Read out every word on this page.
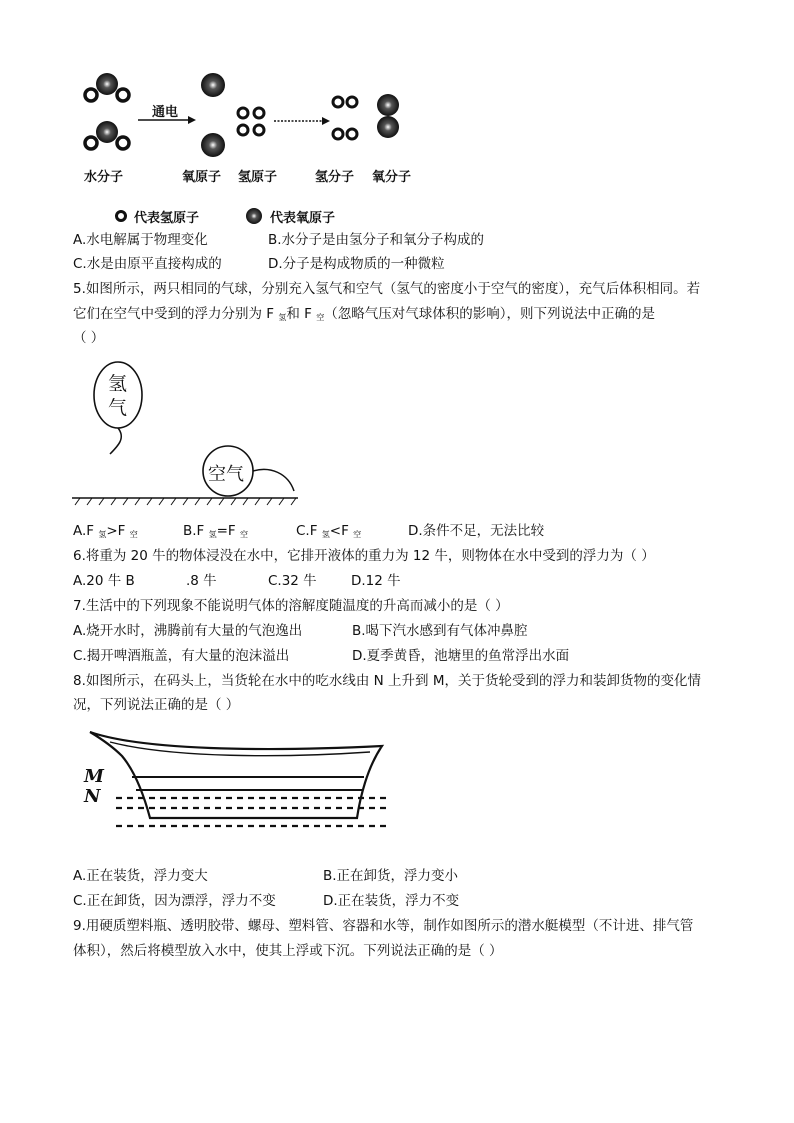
通电
水分子	氧原子 氢原子	氢分子 氧分子
代表氢原子	代表氧原子
A.水电解属于物理变化	B.水分子是由氢分子和氧分子构成的
C.水是由原平直接构成的	D.分子是构成物质的一种微粒
5.如图所示，两只相同的气球，分别充入氢气和空气（氢气的密度小于空气的密度），充气后体积相同。若
它们在空气中受到的浮力分别为 F $_氢$和 F $_空$（忽略气压对气球体积的影响），则下列说法中正确的是
（ ）
氢
气
空气
A.F $_氢$>F $_空$	B.F $_氢$=F $_空$	C.F $_氢$<F $_空$	D.条件不足，无法比较
6.将重为 20 牛的物体浸没在水中，它排开液体的重力为 12 牛，则物体在水中受到的浮力为（ ）
A.20 牛 B	.8 牛	C.32 牛	D.12 牛
7.生活中的下列现象不能说明气体的溶解度随温度的升高而减小的是（ ）
A.烧开水时，沸腾前有大量的气泡逸出	B.喝下汽水感到有气体冲鼻腔
C.揭开啤酒瓶盖，有大量的泡沫溢出	D.夏季黄昏，池塘里的鱼常浮出水面
8.如图所示，在码头上，当货轮在水中的吃水线由 N 上升到 M，关于货轮受到的浮力和装卸货物的变化情
况，下列说法正确的是（ ）
M
N
A.正在装货，浮力变大	B.正在卸货，浮力变小
C.正在卸货，因为漂浮，浮力不变	D.正在装货，浮力不变
9.用硬质塑料瓶、透明胶带、螺母、塑料管、容器和水等，制作如图所示的潜水艇模型（不计进、排气管
体积），然后将模型放入水中，使其上浮或下沉。下列说法正确的是（ ）
